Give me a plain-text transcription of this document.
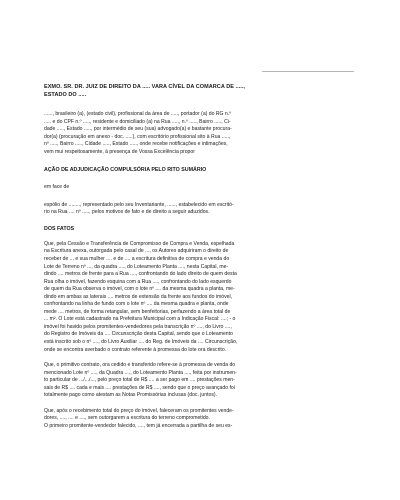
EXMO. SR. DR. JUIZ DE DIREITO DA ..... VARA CÍVEL DA COMARCA DE .....,
ESTADO DO .....

......, brasileiro (a), (estado civil), profissional da área de ....., portador (a) do RG n.º
..... e do CPF n.º ....., residente e domiciliado (a) na Rua ....., n.º ....., Bairro ....., Ci-
dade ....., Estado ....., por intermédio de seu (sua) advogado(a) e bastante procura-
dor(a) (procuração em anexo - doc. .....), com escritório profissional sito à Rua .....,
nº ....., Bairro ....., Cidade ....., Estado ....., onde recebe notificações e intimações,
vem mui respeitosamente, à presença de Vossa Excelência propor

AÇÃO DE ADJUDICAÇÃO COMPULSÓRIA PELO RITO SUMÁRIO

em face de

espólio de ........, representado pelo seu Inventariante, ......, estabelecido em escritó-
rio na Rua .... nº ....., pelos motivos de fato e de direito a seguir aduzidos.

DOS FATOS

Que, pela Cessão e Transferência de Compromisso de Compra e Venda, espelhada
na Escritura anexa, outorgada pelo casal de ..., os Autores adquiriram o direito de
receber de ... e sua mulher .... e de .... a escritura definitiva de compra e venda do
Lote de Terreno nº ..., da quadra ...., do Loteamento Planta ...., nesta Capital, me-
dindo .... metros de frente para a Rua ...., confrontando do lado direito de quem desta
Rua olha o imóvel, fazendo esquina com a Rua ...., confrontando do lado esquerdo
de quem da Rua observa o imóvel, com o lote nº .... da mesma quadra a planta, me-
dindo em ambas as laterais .... metros de extensão da frente aos fundos do imóvel,
confrontando na linha de fundo com o lote nº .... da mesma quadra e planta, onde
mede .... metros, de forma retangular, sem benfeitorias, perfazendo a área total de
... m². O Lote está cadastrado na Prefeitura Municipal com a Indicação Fiscal: ....; - o
imóvel foi havido pelos promitentes-vendedores pela transcrição nº ...., do Livro ....,
do Registro de Imóveis da .... Circunscrição desta Capital, sendo que o Loteamento
está inscrito sob o nº ...., do Livro Auxiliar .... do Reg. de Imóveis da .... Circunscrição,
onde se encontra averbado o contrato referente à promessa do lote ora descrito.

Que, o primitivo contrato, ora cedido e transferido refere-se à promessa de venda do
mencionado Lote nº ...., da Quadra ...., do Loteamento Planta ...., feita por instrumen-
to particular de .../.../..., pelo preço total de R$ .... a ser pago em .... prestações men-
sais de R$ .... cada e mais .... prestações de R$ ...., sendo que o preço avançado foi
totalmente pago como atestam as Notas Promissórias inclusas (doc. juntos).

Que, após o recebimento total do preço do imóvel, faleceram os promitentes vende-
dores, ...., .... e ...., sem outorgarem a escritura do terreno comprometido.
O primeiro promitente-vendedor falecido, ...., tem já encerrada a partilha de seu es-
